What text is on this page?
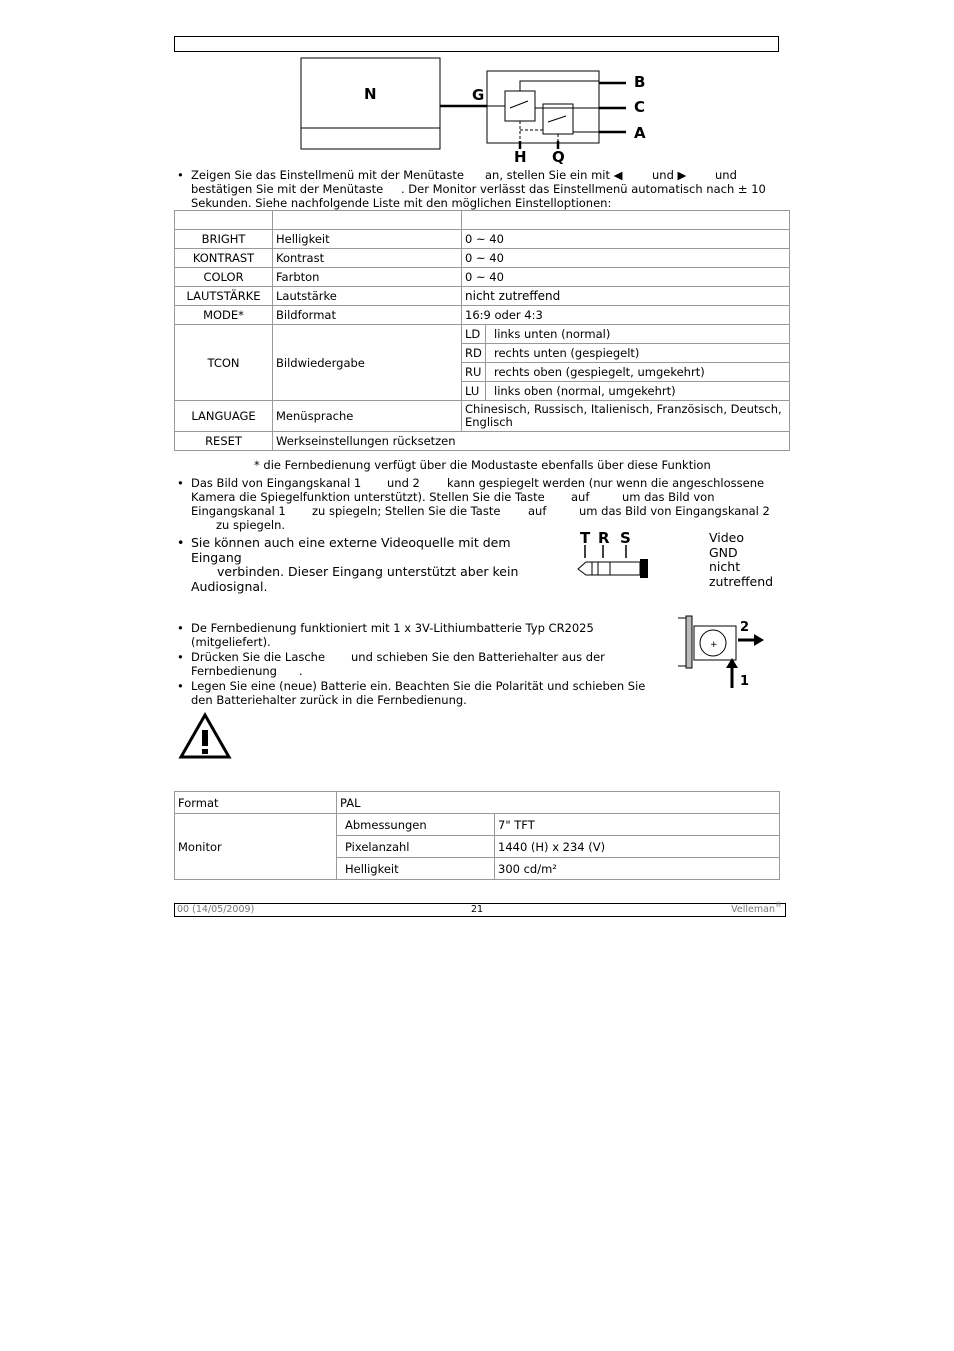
N	G
B
C
A
H Q
• Zeigen Sie das Einstellmenü mit der Menütaste an, stellen Sie ein mit ◀	und ▶ und
bestätigen Sie mit der Menütaste . Der Monitor verlässt das Einstellmenü automatisch nach ± 10
Sekunden. Siehe nachfolgende Liste mit den möglichen Einstelloptionen:

BRIGHT	Helligkeit	0 ~ 40	
KONTRAST	Kontrast	0 ~ 40	
COLOR	Farbton	0 ~ 40	
LAUTSTÄRKE	Lautstärke	nicht zutreffend	
MODE*	Bildformat	16:9 oder 4:3	
TCON	Bildwiedergabe	LD	links unten (normal)
		RD	rechts unten (gespiegelt)
		RU	rechts oben (gespiegelt, umgekehrt)
		LU	links oben (normal, umgekehrt)
LANGUAGE	Menüsprache	Chinesisch, Russisch, Italienisch, Französisch, Deutsch, Englisch	
RESET	Werkseinstellungen rücksetzen		
* die Fernbedienung verfügt über die Modustaste ebenfalls über diese Funktion
• Das Bild von Eingangskanal 1 und 2 kann gespiegelt werden (nur wenn die angeschlossene
Kamera die Spiegelfunktion unterstützt). Stellen Sie die Taste auf	um das Bild von
Eingangskanal 1 zu spiegeln; Stellen Sie die Taste auf	um das Bild von Eingangskanal 2
zu spiegeln.
• Sie können auch eine externe Videoquelle mit dem Eingang
verbinden. Dieser Eingang unterstützt aber kein
Audiosignal.
T R S	Video
GND
nicht
zutreffend
• De Fernbedienung funktioniert mit 1 x 3V-Lithiumbatterie Typ CR2025
(mitgeliefert).
• Drücken Sie die Lasche und schieben Sie den Batteriehalter aus der
Fernbedienung .
• Legen Sie eine (neue) Batterie ein. Beachten Sie die Polarität und schieben Sie
den Batteriehalter zurück in die Fernbedienung.
+
2
1
Format	PAL	
Monitor	Abmessungen	7" TFT
	Pixelanzahl	1440 (H) x 234 (V)
	Helligkeit	300 cd/m²
00 (14/05/2009)	21	Velleman ®
